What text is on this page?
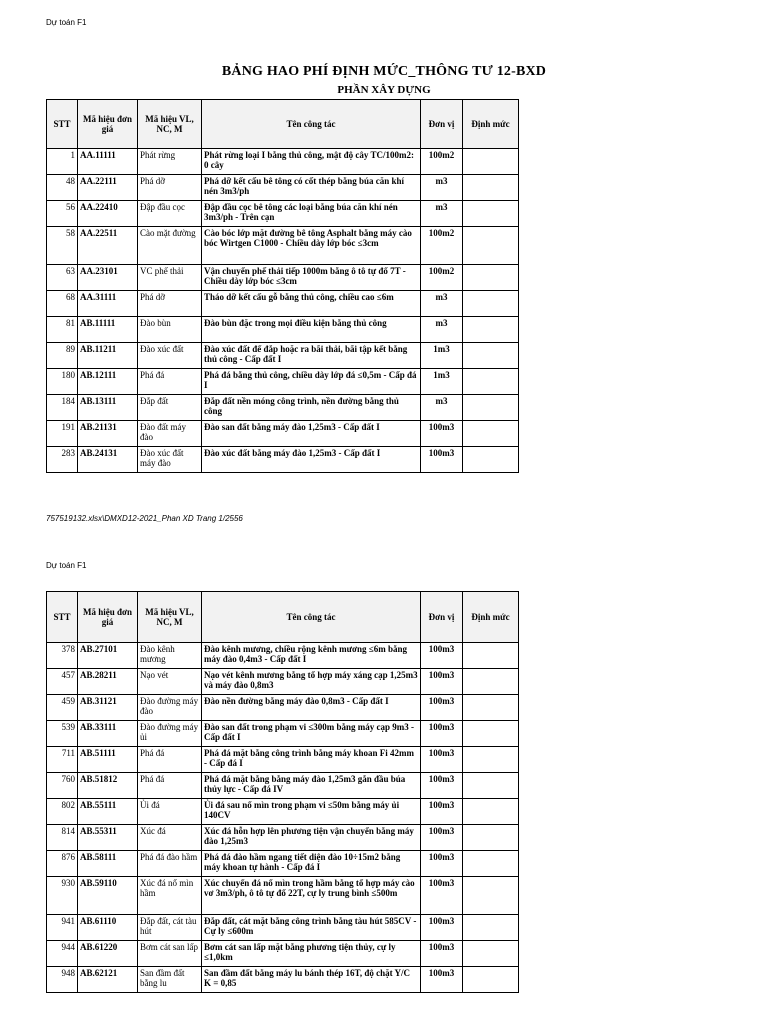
Dự toán F1
BẢNG HAO PHÍ ĐỊNH MỨC_THÔNG TƯ 12-BXD
PHẦN XÂY DỰNG
STT	Mã hiệu đơn giá	Mã hiệu VL, NC, M	Tên công tác	Đơn vị	Định mức
1	AA.11111	Phát rừng	Phát rừng loại I bằng thủ công, mật độ cây TC/100m2: 0 cây	100m2	
48	AA.22111	Phá dỡ	Phá dỡ kết cấu bê tông có cốt thép bằng búa căn khí nén 3m3/ph	m3	
56	AA.22410	Đập đầu cọc	Đập đầu cọc bê tông các loại bằng búa căn khí nén 3m3/ph - Trên cạn	m3	
58	AA.22511	Cào mặt đường	Cào bóc lớp mặt đường bê tông Asphalt bằng máy cào bóc Wirtgen C1000 - Chiều dày lớp bóc ≤3cm	100m2	
63	AA.23101	VC phế thải	Vận chuyển phế thải tiếp 1000m bằng ô tô tự đổ 7T - Chiều dày lớp bóc ≤3cm	100m2	
68	AA.31111	Phá dỡ	Tháo dỡ kết cấu gỗ bằng thủ công, chiều cao ≤6m	m3	
81	AB.11111	Đào bùn	Đào bùn đặc trong mọi điều kiện bằng thủ công	m3	
89	AB.11211	Đào xúc đất	Đào xúc đất để đắp hoặc ra bãi thải, bãi tập kết bằng thủ công - Cấp đất I	1m3	
180	AB.12111	Phá đá	Phá đá bằng thủ công, chiều dày lớp đá ≤0,5m - Cấp đá I	1m3	
184	AB.13111	Đắp đất	Đắp đất nền móng công trình, nền đường bằng thủ công	m3	
191	AB.21131	Đào đất máy đào	Đào san đất bằng máy đào 1,25m3 - Cấp đất I	100m3	
283	AB.24131	Đào xúc đất máy đào	Đào xúc đất bằng máy đào 1,25m3 - Cấp đất I	100m3	
757519132.xlsx\DMXD12-2021_Phan XD Trang 1/2556
Dự toán F1
STT	Mã hiệu đơn giá	Mã hiệu VL, NC, M	Tên công tác	Đơn vị	Định mức
378	AB.27101	Đào kênh mương	Đào kênh mương, chiều rộng kênh mương ≤6m bằng máy đào 0,4m3 - Cấp đất I	100m3	
457	AB.28211	Nạo vét	Nạo vét kênh mương bằng tổ hợp máy xáng cạp 1,25m3 và máy đào 0,8m3	100m3	
459	AB.31121	Đào đường máy đào	Đào nền đường bằng máy đào 0,8m3 - Cấp đất I	100m3	
539	AB.33111	Đào đường máy ủi	Đào san đất trong phạm vi ≤300m bằng máy cạp 9m3 - Cấp đất I	100m3	
711	AB.51111	Phá đá	Phá đá mặt bằng công trình bằng máy khoan Fi 42mm - Cấp đá I	100m3	
760	AB.51812	Phá đá	Phá đá mặt bằng bằng máy đào 1,25m3 gắn đầu búa thủy lực - Cấp đá IV	100m3	
802	AB.55111	Ủi đá	Ủi đá sau nổ mìn trong phạm vi ≤50m bằng máy ủi 140CV	100m3	
814	AB.55311	Xúc đá	Xúc đá hỗn hợp lên phương tiện vận chuyển bằng máy đào 1,25m3	100m3	
876	AB.58111	Phá đá đào hầm	Phá đá đào hầm ngang tiết diện đào 10÷15m2 bằng máy khoan tự hành - Cấp đá I	100m3	
930	AB.59110	Xúc đá nổ mìn hầm	Xúc chuyển đá nổ mìn trong hầm bằng tổ hợp máy cào vơ 3m3/ph, ô tô tự đổ 22T, cự ly trung bình ≤500m	100m3	
941	AB.61110	Đắp đất, cát tàu hút	Đắp đất, cát mặt bằng công trình bằng tàu hút 585CV - Cự ly ≤600m	100m3	
944	AB.61220	Bơm cát san lấp	Bơm cát san lấp mặt bằng phương tiện thủy, cự ly ≤1,0km	100m3	
948	AB.62121	San đầm đất bằng lu	San đầm đất bằng máy lu bánh thép 16T, độ chặt Y/C K = 0,85	100m3	
